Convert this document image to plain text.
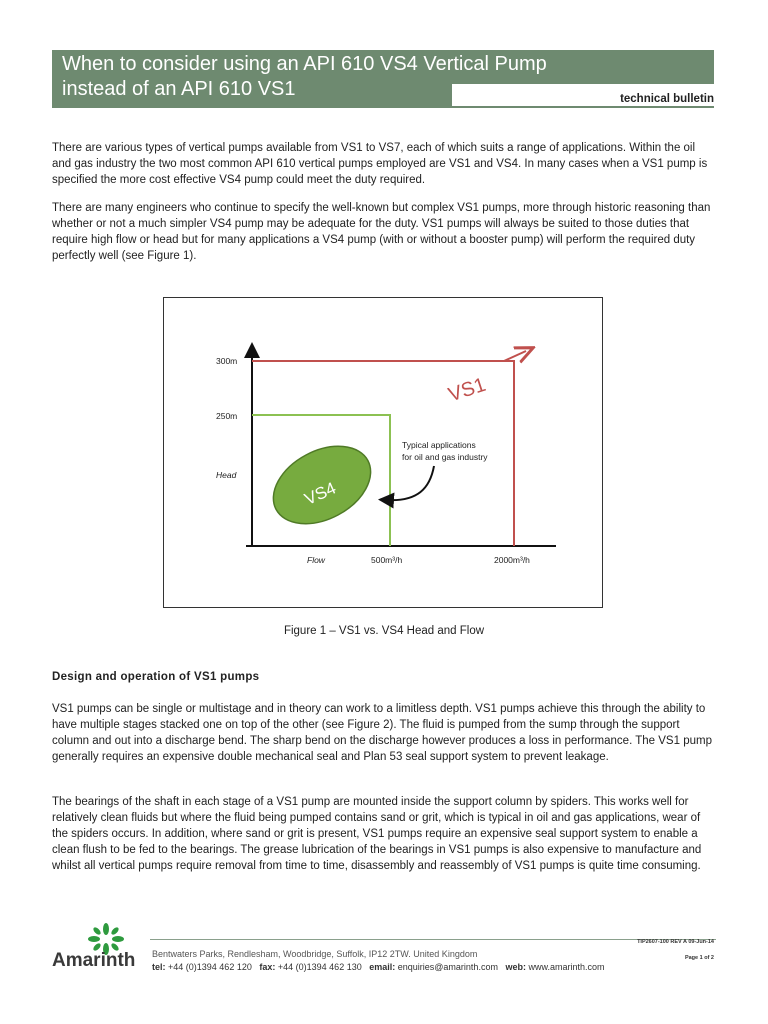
When to consider using an API 610 VS4 Vertical Pump
instead of an API 610 VS1	technical bulletin

There are various types of vertical pumps available from VS1 to VS7, each of which suits a range of applications. Within the oil and gas industry the two most common API 610 vertical pumps employed are VS1 and VS4. In many cases when a VS1 pump is specified the more cost effective VS4 pump could meet the duty required.

There are many engineers who continue to specify the well-known but complex VS1 pumps, more through historic reasoning than whether or not a much simpler VS4 pump may be adequate for the duty. VS1 pumps will always be suited to those duties that require high flow or head but for many applications a VS4 pump (with or without a booster pump) will perform the required duty perfectly well (see Figure 1).

300m
250m
Head
Flow	500m³/h	2000m³/h
VS1
VS4
Typical applications
for oil and gas industry
Figure 1 – VS1 vs. VS4 Head and Flow
Design and operation of VS1 pumps

VS1 pumps can be single or multistage and in theory can work to a limitless depth. VS1 pumps achieve this through the ability to have multiple stages stacked one on top of the other (see Figure 2). The fluid is pumped from the sump through the support column and out into a discharge bend. The sharp bend on the discharge however produces a loss in performance. The VS1 pump generally requires an expensive double mechanical seal and Plan 53 seal support system to prevent leakage.

The bearings of the shaft in each stage of a VS1 pump are mounted inside the support column by spiders. This works well for relatively clean fluids but where the fluid being pumped contains sand or grit, which is typical in oil and gas applications, wear of the spiders occurs. In addition, where sand or grit is present, VS1 pumps require an expensive seal support system to enable a clean flush to be fed to the bearings. The grease lubrication of the bearings in VS1 pumps is also expensive to manufacture and whilst all vertical pumps require removal from time to time, disassembly and reassembly of VS1 pumps is quite time consuming.

Amarinth Bentwaters Parks, Rendlesham, Woodbridge, Suffolk, IP12 2TW. United Kingdom
tel: +44 (0)1394 462 120 fax: +44 (0)1394 462 130 email: enquiries@amarinth.com web: www.amarinth.com
TIP2607-100 REV A 09-Jun-14
Page 1 of 2
